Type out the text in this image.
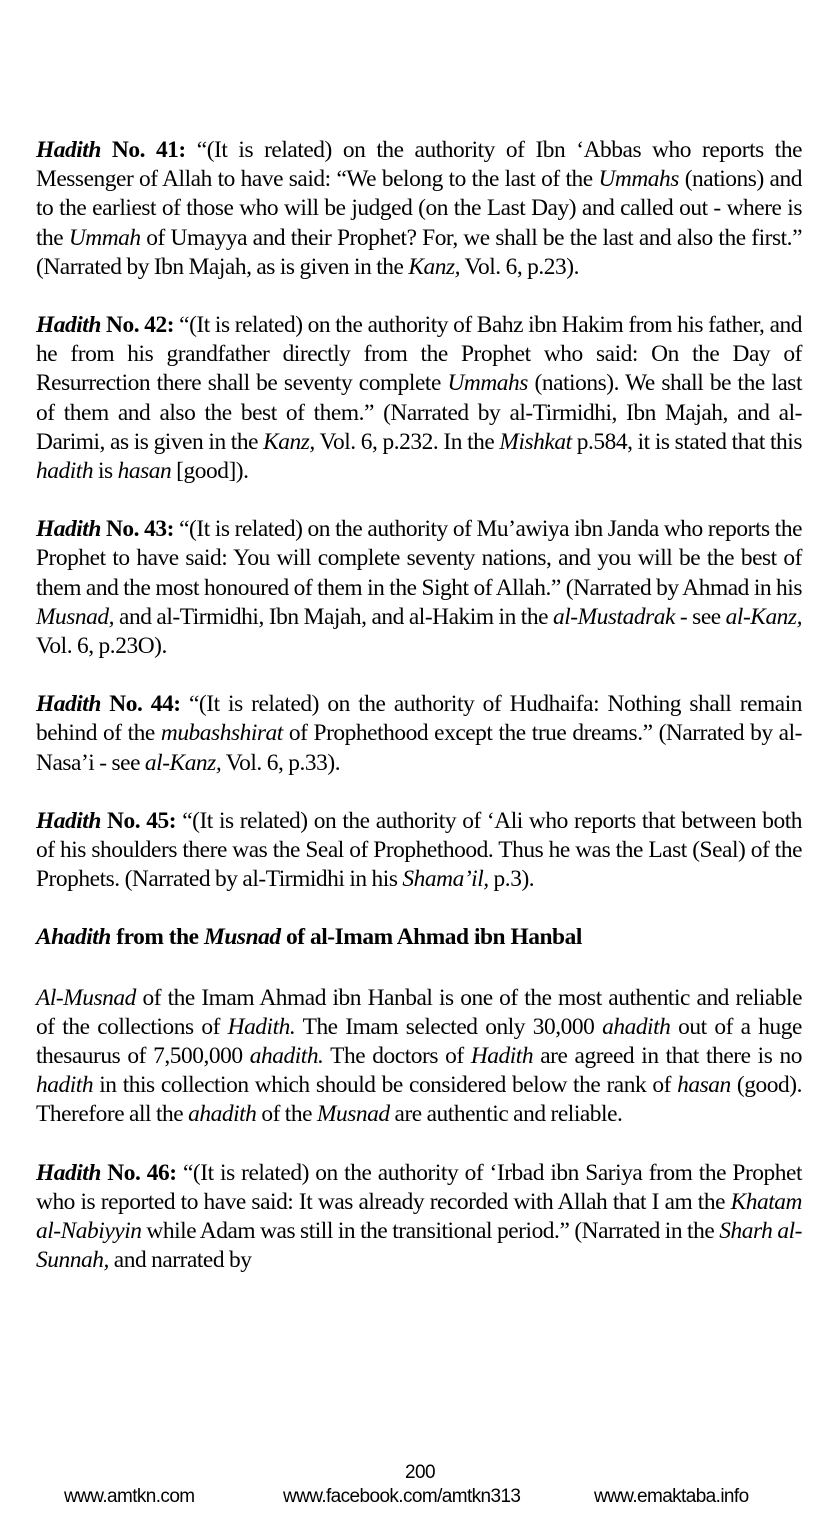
Hadith No. 41: “(It is related) on the authority of Ibn ‘Abbas who reports the Messenger of Allah to have said: “We belong to the last of the Ummahs (nations) and to the earliest of those who will be judged (on the Last Day) and called out - where is the Ummah of Umayya and their Prophet? For, we shall be the last and also the first.” (Narrated by Ibn Majah, as is given in the Kanz, Vol. 6, p.23).

Hadith No. 42: “(It is related) on the authority of Bahz ibn Hakim from his father, and he from his grandfather directly from the Prophet who said: On the Day of Resurrection there shall be seventy complete Ummahs (nations). We shall be the last of them and also the best of them.” (Narrated by al-Tirmidhi, Ibn Majah, and al-Darimi, as is given in the Kanz, Vol. 6, p.232. In the Mishkat p.584, it is stated that this hadith is hasan [good]).

Hadith No. 43: “(It is related) on the authority of Mu’awiya ibn Janda who reports the Prophet to have said: You will complete seventy nations, and you will be the best of them and the most honoured of them in the Sight of Allah.” (Narrated by Ahmad in his Musnad, and al-Tirmidhi, Ibn Majah, and al-Hakim in the al-Mustadrak - see al-Kanz, Vol. 6, p.23O).

Hadith No. 44: “(It is related) on the authority of Hudhaifa: Nothing shall remain behind of the mubashshirat of Prophethood except the true dreams.” (Narrated by al-Nasa’i - see al-Kanz, Vol. 6, p.33).

Hadith No. 45: “(It is related) on the authority of ‘Ali who reports that between both of his shoulders there was the Seal of Prophethood. Thus he was the Last (Seal) of the Prophets. (Narrated by al-Tirmidhi in his Shama’il, p.3).

Ahadith from the Musnad of al-Imam Ahmad ibn Hanbal

Al-Musnad of the Imam Ahmad ibn Hanbal is one of the most authentic and reliable of the collections of Hadith. The Imam selected only 30,000 ahadith out of a huge thesaurus of 7,500,000 ahadith. The doctors of Hadith are agreed in that there is no hadith in this collection which should be considered below the rank of hasan (good). Therefore all the ahadith of the Musnad are authentic and reliable.

Hadith No. 46: “(It is related) on the authority of ‘Irbad ibn Sariya from the Prophet who is reported to have said: It was already recorded with Allah that I am the Khatam al-Nabiyyin while Adam was still in the transitional period.” (Narrated in the Sharh al-Sunnah, and narrated by

200
www.amtkn.com	www.facebook.com/amtkn313	www.emaktaba.info
